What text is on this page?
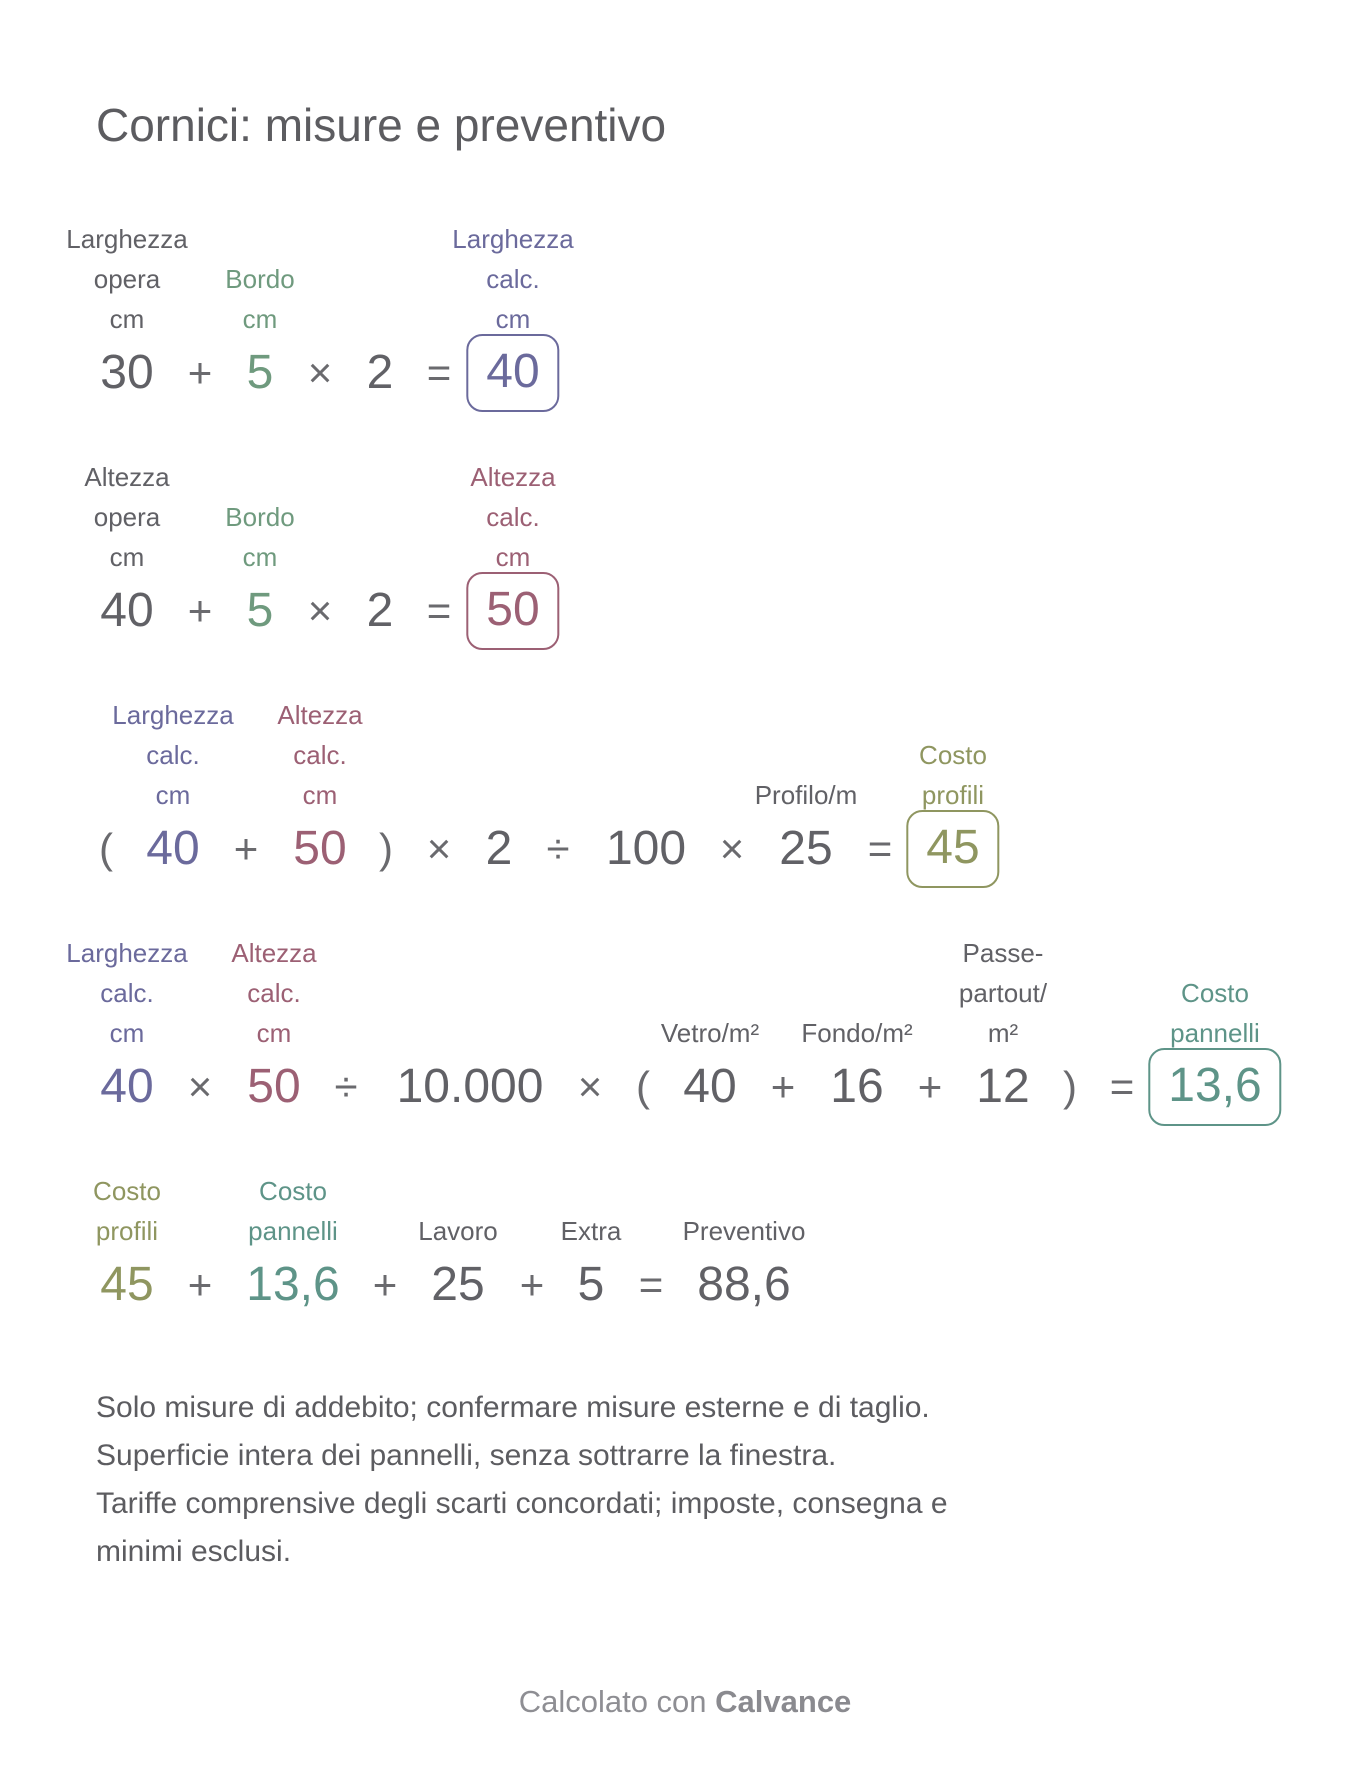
Cornici: misure e preventivo
Larghezza
opera
cm
30 +
Bordo
cm
5 × 2 =
Larghezza
calc.
cm
40
Altezza
opera
cm
40 +
Bordo
cm
5 × 2 =
Altezza
calc.
cm
50
(
Larghezza
calc.
cm
40 +
Altezza
calc.
cm
50 ) × 2 ÷ 100 ×
Profilo/m
25 =
Costo
profili
45
Larghezza
calc.
cm
40 ×
Altezza
calc.
cm
50 ÷ 10.000 × (
Vetro/m²
40 +
Fondo/m²
16 +
Passe-
partout/
m²
12 ) =
Costo
pannelli
13,6
Costo
profili
45 +
Costo
pannelli
13,6 +
Lavoro
25 +
Extra
5 =
Preventivo
88,6
Solo misure di addebito; confermare misure esterne e di taglio.
Superficie intera dei pannelli, senza sottrarre la finestra.
Tariffe comprensive degli scarti concordati; imposte, consegna e minimi esclusi.
Calcolato con Calvance
